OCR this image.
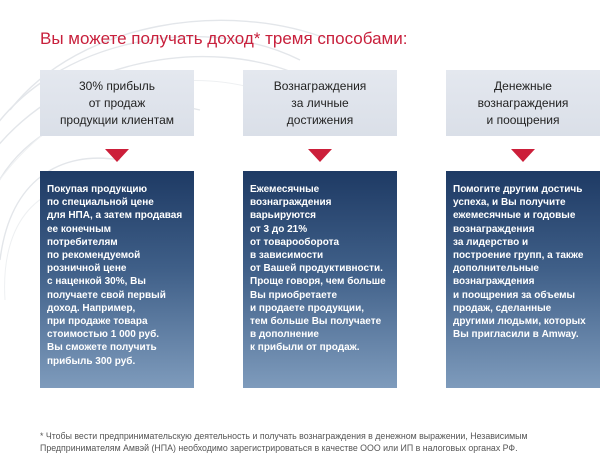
Вы можете получать доход* тремя способами:
30% прибыль
от продаж
продукции клиентам
Покупая продукцию
по специальной цене
для НПА, а затем продавая
ее конечным
потребителям
по рекомендуемой
розничной цене
с наценкой 30%, Вы
получаете свой первый
доход. Например,
при продаже товара
стоимостью 1 000 руб.
Вы сможете получить
прибыль 300 руб.
Вознаграждения
за личные
достижения
Ежемесячные
вознаграждения
варьируются
от 3 до 21%
от товарооборота
в зависимости
от Вашей продуктивности.
Проще говоря, чем больше
Вы приобретаете
и продаете продукции,
тем больше Вы получаете
в дополнение
к прибыли от продаж.
Денежные
вознаграждения
и поощрения
Помогите другим достичь
успеха, и Вы получите
ежемесячные и годовые
вознаграждения
за лидерство и
построение групп, а также
дополнительные
вознаграждения
и поощрения за объемы
продаж, сделанные
другими людьми, которых
Вы пригласили в Amway.
* Чтобы вести предпринимательскую деятельность и получать вознаграждения в денежном выражении, Независимым
Предпринимателям Амвэй (НПА) необходимо зарегистрироваться в качестве ООО или ИП в налоговых органах РФ.
